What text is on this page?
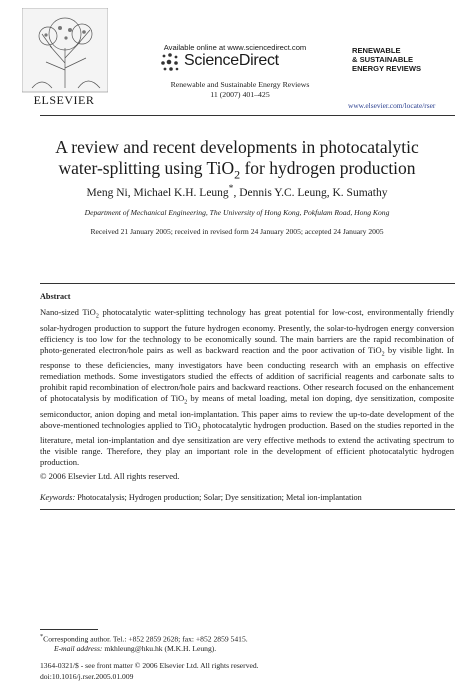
ELSEVIER
Available online at www.sciencedirect.com
ScienceDirect
Renewable and Sustainable Energy Reviews
11 (2007) 401–425
RENEWABLE
& SUSTAINABLE
ENERGY REVIEWS
www.elsevier.com/locate/rser
A review and recent developments in photocatalytic
water-splitting using TiO$_2$ for hydrogen production
Meng Ni, Michael K.H. Leung*, Dennis Y.C. Leung, K. Sumathy
Department of Mechanical Engineering, The University of Hong Kong, Pokfulam Road, Hong Kong
Received 21 January 2005; received in revised form 24 January 2005; accepted 24 January 2005
Abstract
Nano-sized TiO$_2$ photocatalytic water-splitting technology has great potential for low-cost, environmentally friendly solar-hydrogen production to support the future hydrogen economy. Presently, the solar-to-hydrogen energy conversion efficiency is too low for the technology to be economically sound. The main barriers are the rapid recombination of photo-generated electron/hole pairs as well as backward reaction and the poor activation of TiO$_2$ by visible light. In response to these deficiencies, many investigators have been conducting research with an emphasis on effective remediation methods. Some investigators studied the effects of addition of sacrificial reagents and carbonate salts to prohibit rapid recombination of electron/hole pairs and backward reactions. Other research focused on the enhancement of photocatalysis by modification of TiO$_2$ by means of metal loading, metal ion doping, dye sensitization, composite semiconductor, anion doping and metal ion-implantation. This paper aims to review the up-to-date development of the above-mentioned technologies applied to TiO$_2$ photocatalytic hydrogen production. Based on the studies reported in the literature, metal ion-implantation and dye sensitization are very effective methods to extend the activating spectrum to the visible range. Therefore, they play an important role in the development of efficient photocatalytic hydrogen production.
© 2006 Elsevier Ltd. All rights reserved.
Keywords: Photocatalysis; Hydrogen production; Solar; Dye sensitization; Metal ion-implantation
*Corresponding author. Tel.: +852 2859 2628; fax: +852 2859 5415.
E-mail address: mkhleung@hku.hk (M.K.H. Leung).
1364-0321/$ - see front matter © 2006 Elsevier Ltd. All rights reserved.
doi:10.1016/j.rser.2005.01.009
